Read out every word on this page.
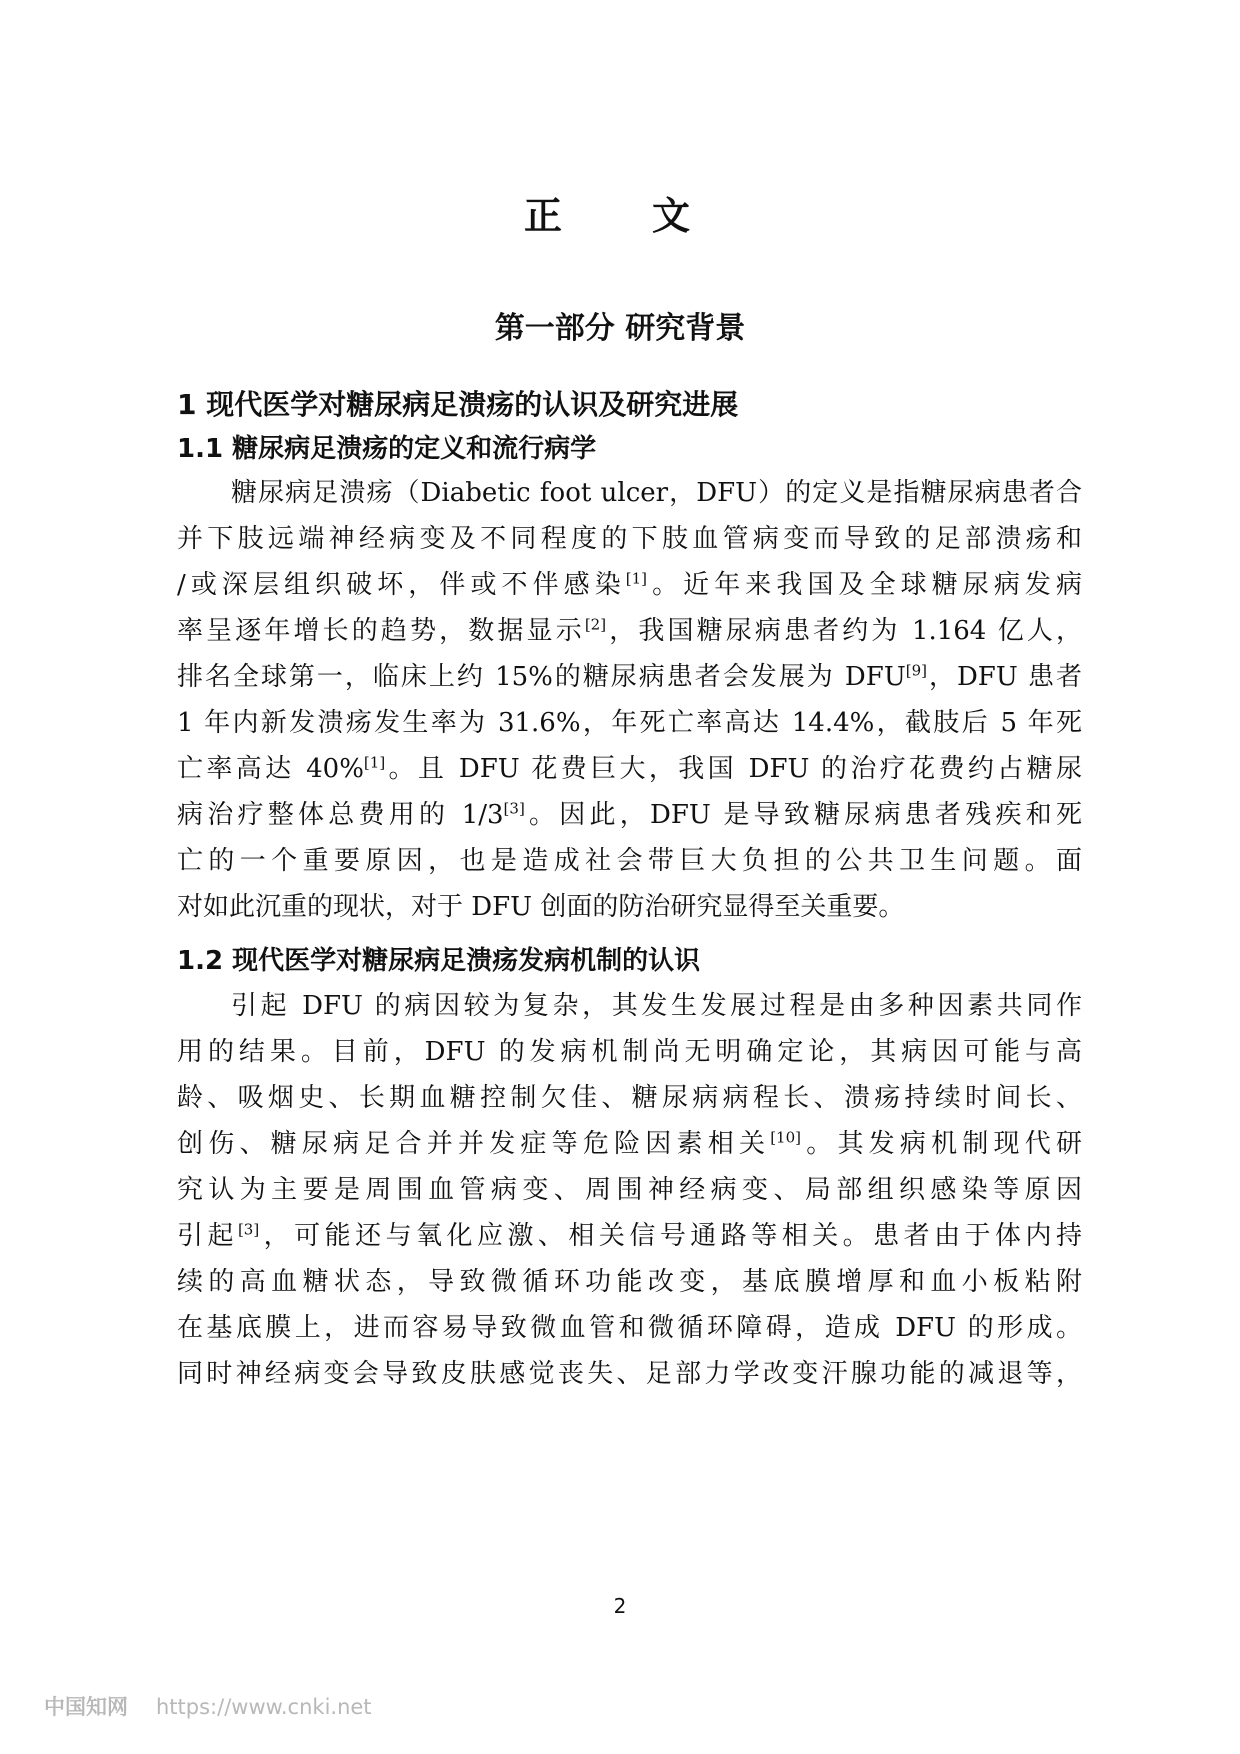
正　文
第一部分 研究背景
1 现代医学对糖尿病足溃疡的认识及研究进展
1.1 糖尿病足溃疡的定义和流行病学
糖尿病足溃疡（Diabetic foot ulcer，DFU）的定义是指糖尿病患者合
并下肢远端神经病变及不同程度的下肢血管病变而导致的足部溃疡和
/或深层组织破坏，伴或不伴感染[1]。近年来我国及全球糖尿病发病
率呈逐年增长的趋势，数据显示[2]，我国糖尿病患者约为 1.164 亿人，
排名全球第一，临床上约 15%的糖尿病患者会发展为 DFU[9]，DFU 患者
1 年内新发溃疡发生率为 31.6%，年死亡率高达 14.4%，截肢后 5 年死
亡率高达 40%[1]。且 DFU 花费巨大，我国 DFU 的治疗花费约占糖尿
病治疗整体总费用的 1/3[3]。因此，DFU 是导致糖尿病患者残疾和死
亡的一个重要原因，也是造成社会带巨大负担的公共卫生问题。面
对如此沉重的现状，对于 DFU 创面的防治研究显得至关重要。
1.2 现代医学对糖尿病足溃疡发病机制的认识
引起 DFU 的病因较为复杂，其发生发展过程是由多种因素共同作
用的结果。目前，DFU 的发病机制尚无明确定论，其病因可能与高
龄、吸烟史、长期血糖控制欠佳、糖尿病病程长、溃疡持续时间长、
创伤、糖尿病足合并并发症等危险因素相关[10]。其发病机制现代研
究认为主要是周围血管病变、周围神经病变、局部组织感染等原因
引起[3]，可能还与氧化应激、相关信号通路等相关。患者由于体内持
续的高血糖状态，导致微循环功能改变，基底膜增厚和血小板粘附
在基底膜上，进而容易导致微血管和微循环障碍，造成 DFU 的形成。
同时神经病变会导致皮肤感觉丧失、足部力学改变汗腺功能的减退等，
2
中国知网 https://www.cnki.net
